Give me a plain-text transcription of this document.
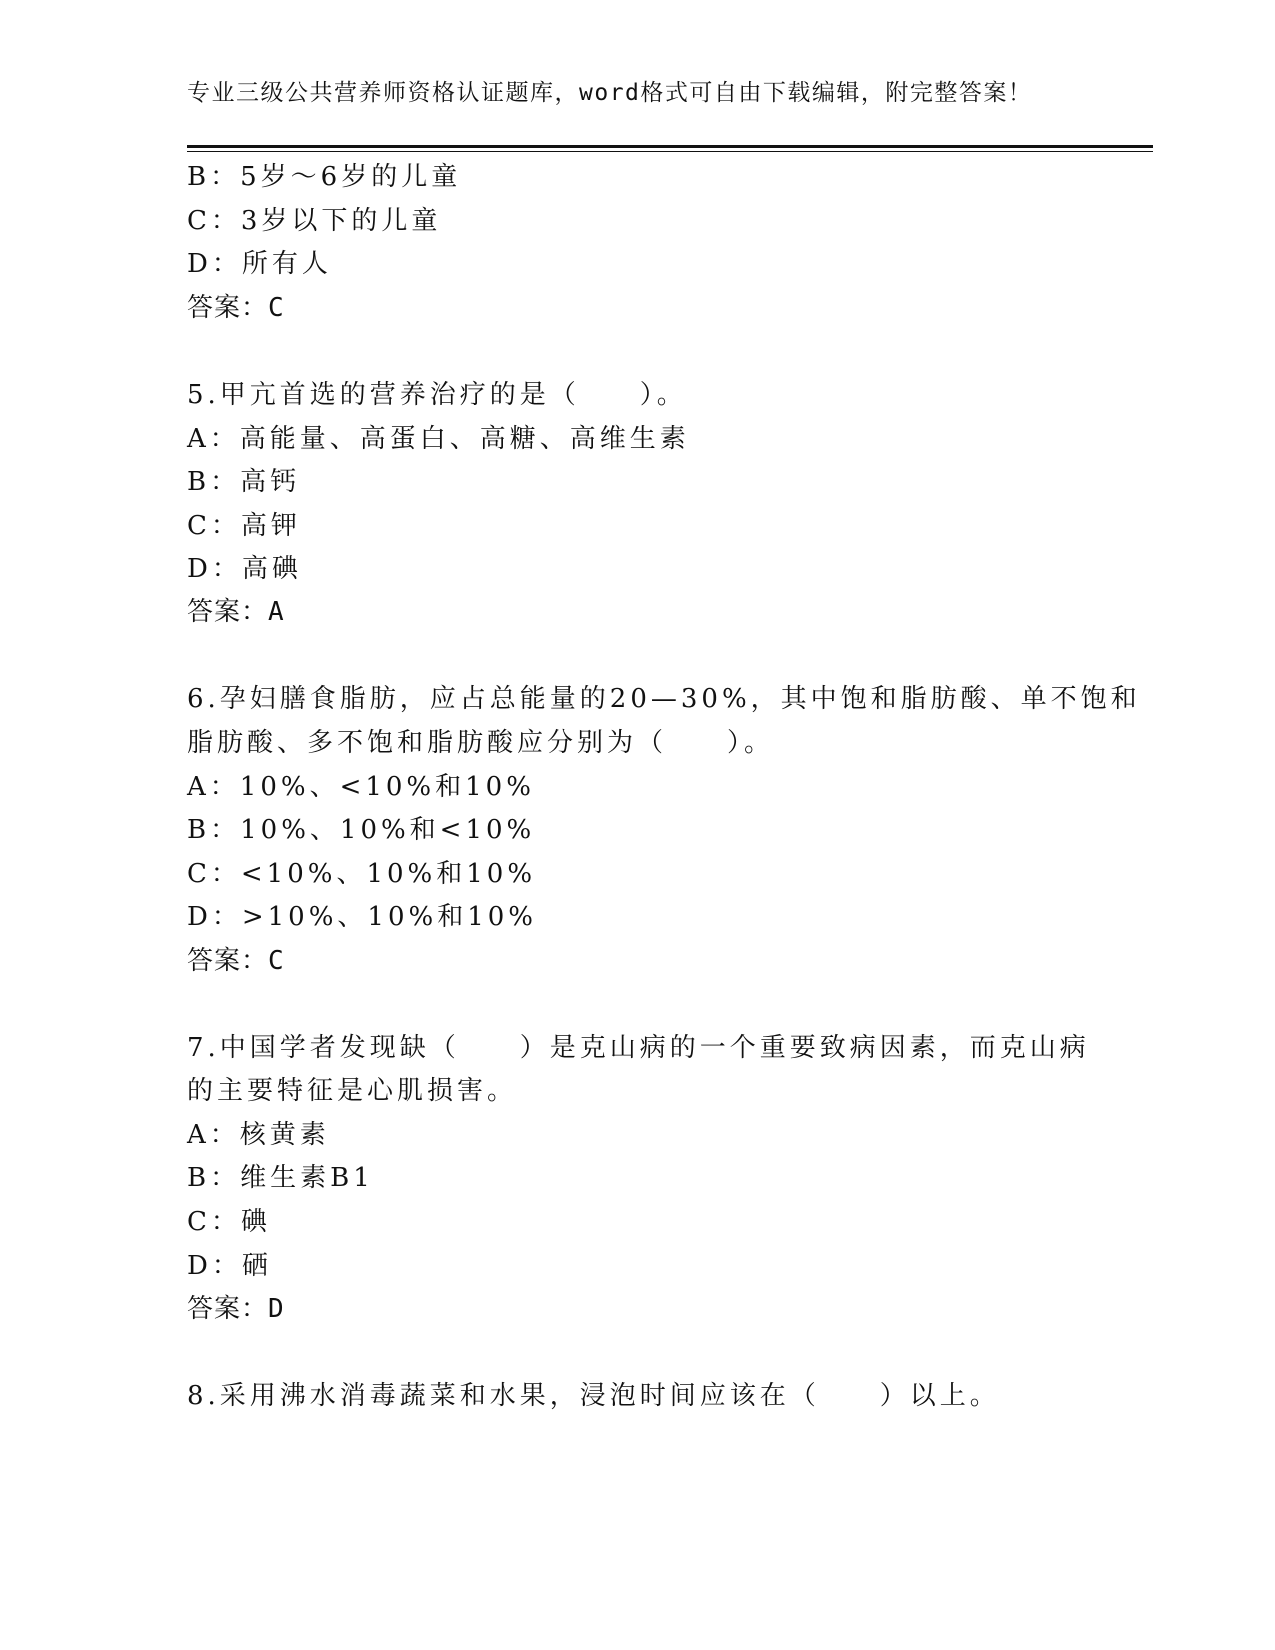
专业三级公共营养师资格认证题库，word格式可自由下载编辑，附完整答案！
B：5岁～6岁的儿童
C：3岁以下的儿童
D：所有人
答案：C
5.甲亢首选的营养治疗的是（　　）。
A：高能量、高蛋白、高糖、高维生素
B：高钙
C：高钾
D：高碘
答案：A
6.孕妇膳食脂肪，应占总能量的20—30%，其中饱和脂肪酸、单不饱和
脂肪酸、多不饱和脂肪酸应分别为（　　）。
A：10%、<10%和10%
B：10%、10%和<10%
C：<10%、10%和10%
D：>10%、10%和10%
答案：C
7.中国学者发现缺（　　）是克山病的一个重要致病因素，而克山病
的主要特征是心肌损害。
A：核黄素
B：维生素B1
C：碘
D：硒
答案：D
8.采用沸水消毒蔬菜和水果，浸泡时间应该在（　　）以上。
